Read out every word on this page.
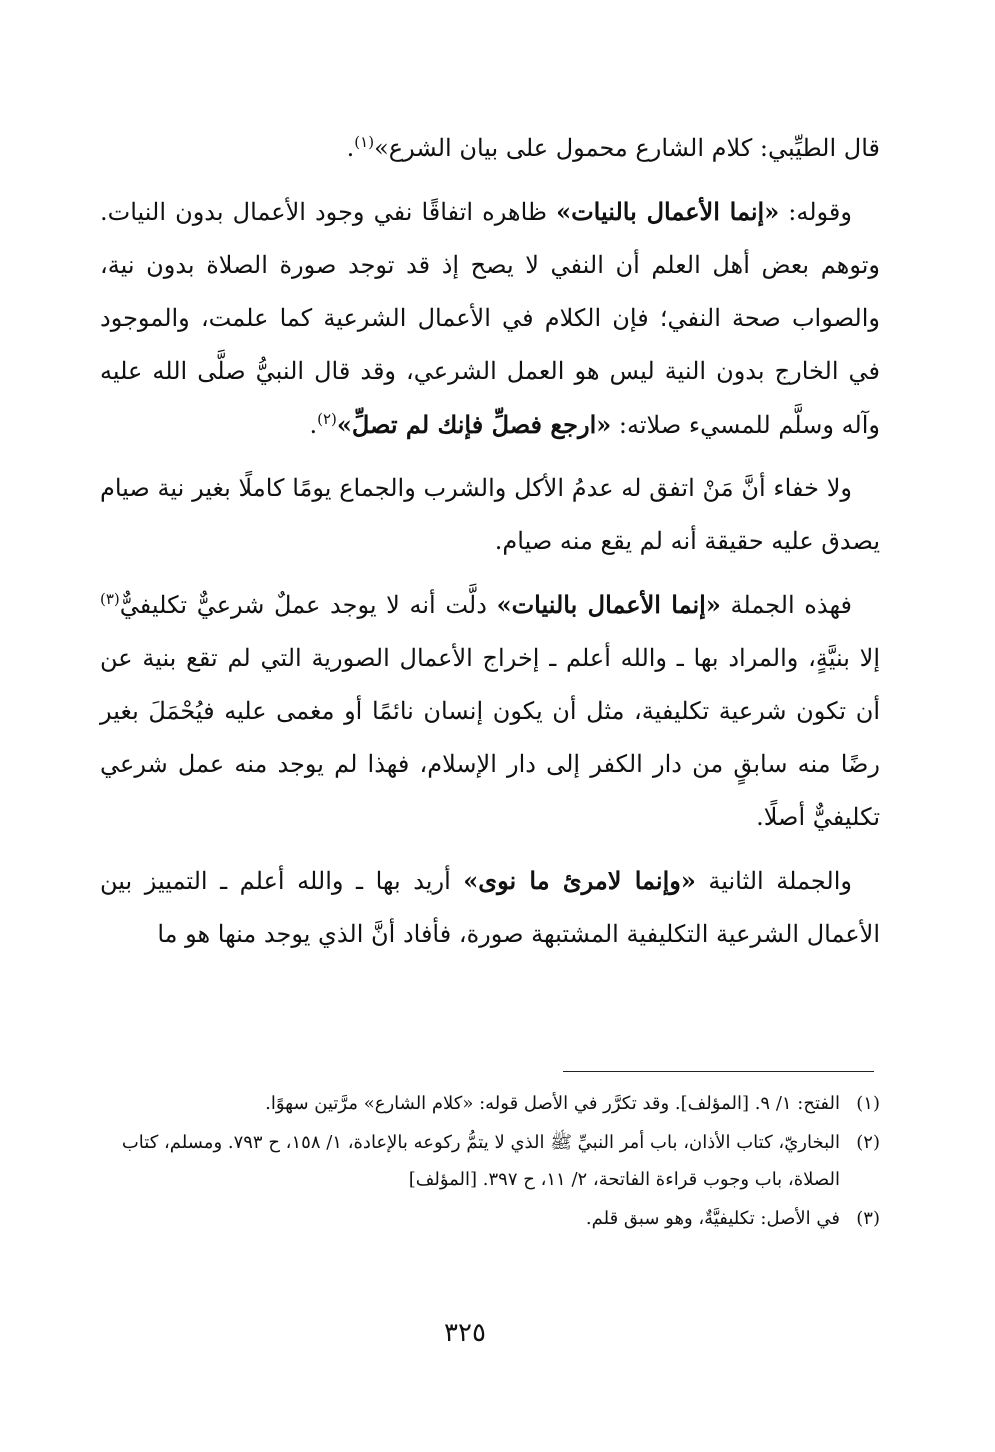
قال الطيِّبي: كلام الشارع محمول على بيان الشرع»$^{(١)}$.

وقوله: «إنما الأعمال بالنيات» ظاهره اتفاقًا نفي وجود الأعمال بدون النيات. وتوهم بعض أهل العلم أن النفي لا يصح إذ قد توجد صورة الصلاة بدون نية، والصواب صحة النفي؛ فإن الكلام في الأعمال الشرعية كما علمت، والموجود في الخارج بدون النية ليس هو العمل الشرعي، وقد قال النبيُّ صلَّى الله عليه وآله وسلَّم للمسيء صلاته: «ارجع فصلِّ فإنك لم تصلِّ»$^{(٢)}$.

ولا خفاء أنَّ مَنْ اتفق له عدمُ الأكل والشرب والجماع يومًا كاملًا بغير نية صيام يصدق عليه حقيقة أنه لم يقع منه صيام.

فهذه الجملة «إنما الأعمال بالنيات» دلَّت أنه لا يوجد عملٌ شرعيٌّ تكليفيٌّ$^{(٣)}$ إلا بنيَّةٍ، والمراد بها ـ والله أعلم ـ إخراج الأعمال الصورية التي لم تقع بنية عن أن تكون شرعية تكليفية، مثل أن يكون إنسان نائمًا أو مغمى عليه فيُحْمَلَ بغير رضًا منه سابقٍ من دار الكفر إلى دار الإسلام، فهذا لم يوجد منه عمل شرعي تكليفيٌّ أصلًا.

والجملة الثانية «وإنما لامرئ ما نوى» أريد بها ـ والله أعلم ـ التمييز بين الأعمال الشرعية التكليفية المشتبهة صورة، فأفاد أنَّ الذي يوجد منها هو ما

(١)الفتح: ١/ ٩. [المؤلف]. وقد تكرَّر في الأصل قوله: «كلام الشارع» مرَّتين سهوًا.

(٢)البخاريّ، كتاب الأذان، باب أمر النبيِّ ﷺ الذي لا يتمُّ ركوعه بالإعادة، ١/ ١٥٨، ح ٧٩٣. ومسلم، كتاب الصلاة، باب وجوب قراءة الفاتحة، ٢/ ١١، ح ٣٩٧. [المؤلف]

(٣)في الأصل: تكليفيَّةٌ، وهو سبق قلم.

٣٢٥
